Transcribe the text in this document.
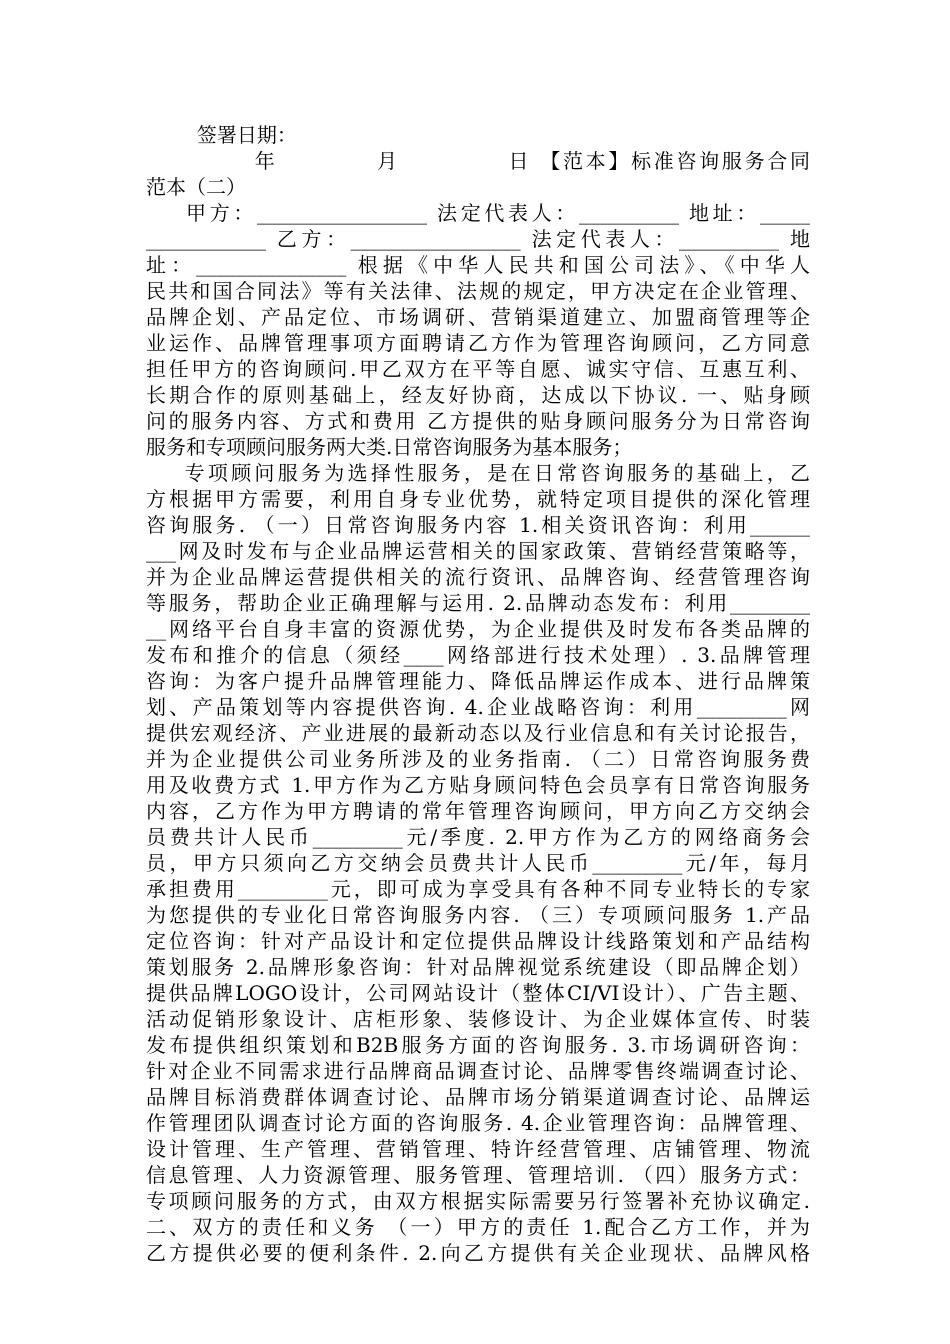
签署日期：
年           月            日 【范本】标准咨询服务合同
范本（二）
甲方：_________________ 法定代表人：__________ 地址：_____
____________ 乙方：_________________ 法定代表人：__________ 地
址：_______________ 根据《中华人民共和国公司法》、《中华人
民共和国合同法》等有关法律、法规的规定，甲方决定在企业管理、
品牌企划、产品定位、市场调研、营销渠道建立、加盟商管理等企
业运作、品牌管理事项方面聘请乙方作为管理咨询顾问，乙方同意
担任甲方的咨询顾问.甲乙双方在平等自愿、诚实守信、互惠互利、
长期合作的原则基础上，经友好协商，达成以下协议. 一、贴身顾
问的服务内容、方式和费用 乙方提供的贴身顾问服务分为日常咨询
服务和专项顾问服务两大类.日常咨询服务为基本服务；
专项顾问服务为选择性服务，是在日常咨询服务的基础上，乙
方根据甲方需要，利用自身专业优势，就特定项目提供的深化管理
咨询服务. （一）日常咨询服务内容 1.相关资讯咨询：利用______
___网及时发布与企业品牌运营相关的国家政策、营销经营策略等，
并为企业品牌运营提供相关的流行资讯、品牌咨询、经营管理咨询
等服务，帮助企业正确理解与运用. 2.品牌动态发布：利用________
__网络平台自身丰富的资源优势，为企业提供及时发布各类品牌的
发布和推介的信息（须经____网络部进行技术处理）. 3.品牌管理
咨询：为客户提升品牌管理能力、降低品牌运作成本、进行品牌策
划、产品策划等内容提供咨询. 4.企业战略咨询：利用_________网
提供宏观经济、产业进展的最新动态以及行业信息和有关讨论报告，
并为企业提供公司业务所涉及的业务指南. （二）日常咨询服务费
用及收费方式 1.甲方作为乙方贴身顾问特色会员享有日常咨询服务
内容，乙方作为甲方聘请的常年管理咨询顾问，甲方向乙方交纳会
员费共计人民币_________元/季度. 2.甲方作为乙方的网络商务会
员，甲方只须向乙方交纳会员费共计人民币_________元/年，每月
承担费用_________元，即可成为享受具有各种不同专业特长的专家
为您提供的专业化日常咨询服务内容. （三）专项顾问服务 1.产品
定位咨询：针对产品设计和定位提供品牌设计线路策划和产品结构
策划服务 2.品牌形象咨询：针对品牌视觉系统建设（即品牌企划）
提供品牌LOGO设计，公司网站设计（整体CI/VI设计）、广告主题、
活动促销形象设计、店柜形象、装修设计、为企业媒体宣传、时装
发布提供组织策划和B2B服务方面的咨询服务. 3.市场调研咨询：
针对企业不同需求进行品牌商品调查讨论、品牌零售终端调查讨论、
品牌目标消费群体调查讨论、品牌市场分销渠道调查讨论、品牌运
作管理团队调查讨论方面的咨询服务. 4.企业管理咨询：品牌管理、
设计管理、生产管理、营销管理、特许经营管理、店铺管理、物流
信息管理、人力资源管理、服务管理、管理培训. （四）服务方式：
专项顾问服务的方式，由双方根据实际需要另行签署补充协议确定.
二、双方的责任和义务 （一）甲方的责任 1.配合乙方工作，并为
乙方提供必要的便利条件. 2.向乙方提供有关企业现状、品牌风格
